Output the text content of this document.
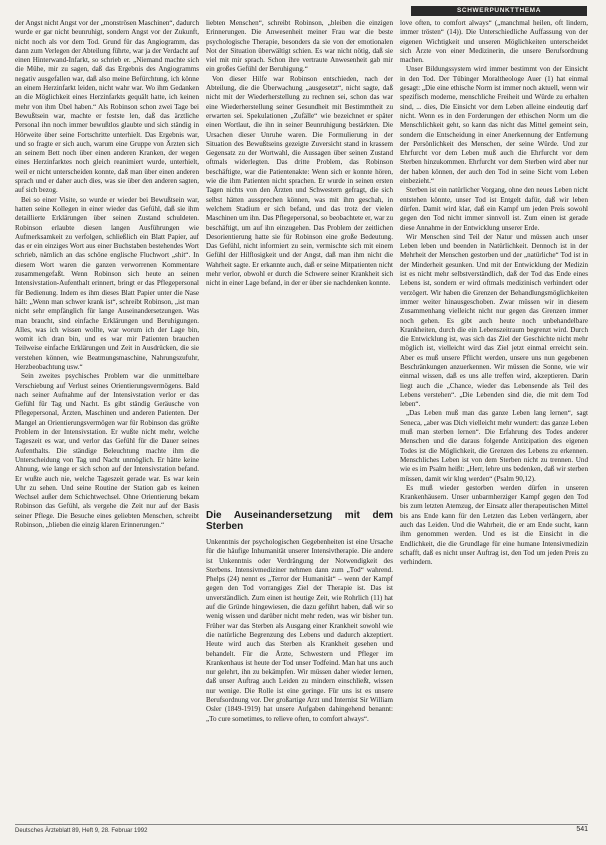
SCHWERPUNKTTHEMA

der Angst nicht Angst vor der „monströsen Maschinen“, dadurch wurde er gar nicht beunruhigt, sondern Angst vor der Zukunft, nicht noch als vor dem Tod. Grund für das Angiogramm, das dann zum Verlegen der Abteilung führte, war ja der Verdacht auf einen Hinterwand-Infarkt, so schrieb er. „Niemand machte sich die Mühe, mir zu sagen, daß das Ergebnis des Angiogramms negativ ausgefallen war, daß also meine Befürchtung, ich könne an einem Herzinfarkt leiden, nicht wahr war. Wo ihm Gedanken an die Möglichkeit eines Herzinfarkts gequält hatte, ich keinen mehr von ihm Übel haben.“ Als Robinson schon zwei Tage bei Bewußtsein war, machte er festste len, daß das ärztliche Personal ihn noch immer bewußtlos glaubte und sich ständig in Hörweite über seine Fortschritte unterhielt. Das Ergebnis war, und so fragte er sich auch, warum eine Gruppe von Ärzten sich an seinem Bett noch über einen anderen Kranken, der wegen eines Herzinfarktes noch gleich reanimiert wurde, unterhielt, weil er nicht unterscheiden konnte, daß man über einen anderen sprach und er daher auch dies, was sie über den anderen sagten, auf sich bezog.

Bei so einer Visite, so wurde er wieder bei Bewußtsein war, hatten seine Kollegen in einer wieder das Gefühl, daß sie ihm detaillierte Erklärungen über seinen Zustand schuldeten. Robinson erlaubte diesen langen Ausführungen wie Aufmerksamkeit zu verfolgen, schließlich ein Blatt Papier, auf das er ein einziges Wort aus einer Buchstaben bestehendes Wort schrieb, nämlich an das schöne englische Fluchwort „shit“. In diesem Wort waren die ganzen verworrenen Kommentare zusammengefaßt. Wenn Robinson sich heute an seinen Intensivstation-Aufenthalt erinnert, bringt er das Pflegepersonal für Bedienung. Indem es ihm dieses Blatt Papier unter die Nase hält: „Wenn man schwer krank ist“, schreibt Robinson, „ist man nicht sehr empfänglich für lange Auseinandersetzungen. Was man braucht, sind einfache Erklärungen und Beruhigungen. Alles, was ich wissen wollte, war worum ich der Lage bin, womit ich dran bin, und es war mir Patienten brauchen Teilweise einfache Erklärungen und Zeit in Ausdrücken, die sie verstehen können, wie Beatmungsmaschine, Nahrungszufuhr, Herzbeobachtung usw.“

Sein zweites psychisches Problem war die unmittelbare Verschiebung auf Verlust seines Orientierungsvermögens. Bald nach seiner Aufnahme auf der Intensivstation verlor er das Gefühl für Tag und Nacht. Es gibt ständig Geräusche von Pflegepersonal, Ärzten, Maschinen und anderen Patienten. Der Mangel an Orientierungsvermögen war für Robinson das größte Problem in der Intensivstation. Er wußte nicht mehr, welche Tageszeit es war, und verlor das Gefühl für die Dauer seines Aufenthalts. Die ständige Beleuchtung machte ihm die Unterscheidung von Tag und Nacht unmöglich. Er hätte keine Ahnung, wie lange er sich schon auf der Intensivstation befand. Er wußte auch nie, welche Tageszeit gerade war. Es war kein Uhr zu sehen. Und seine Routine der Station gab es keinen Wechsel außer dem Schichtwechsel. Ohne Orientierung bekam Robinson das Gefühl, als vergehe die Zeit nur auf der Basis seiner Pflege. Die Besuche eines geliebten Menschen, schreibt Robinson, „blieben die einzig klaren Erinnerungen.“

liebten Menschen“, schreibt Robinson, „bleiben die einzigen Erinnerungen. Die Anwesenheit meiner Frau war die beste psychologische Therapie, besonders da sie von der emotionalen Not der Situation überwältigt schien. Es war nicht nötig, daß sie viel mit mir sprach. Schon ihre vertraute Anwesenheit gab mir ein großes Gefühl der Beruhigung.“

Von dieser Hilfe war Robinson entschieden, nach der Abteilung, die die Überwachung „ausgesetzt“, nicht sagte, daß nicht mit der Wiederherstellung zu rechnen sei, schon das war eine Wiederherstellung seiner Gesundheit mit Bestimmtheit zu erwarten sei. Spekulationen „Zufälle“ wie bezeichnet er später einen Wortlaut, die ihn in seiner Beunruhigung bestärkten. Die Ursachen dieser Unruhe waren. Die Formulierung in der Situation des Bewußtseins gezeigte Zuversicht stand in krassem Gegensatz zu der Wortwahl, die Aussagen über seinen Zustand oftmals widerlegten. Das dritte Problem, das Robinson beschäftigte, war die Patientenakte: Wenn sich er konnte hören, wie die ihm Patienten nicht sprachen. Er wurde in seinen ersten Tagen nichts von den Ärzten und Schwestern gefragt, die sich selbst hätten aussprechen können, was mit ihm geschah, in welchem Stadium er sich befand, und das trotz der vielen Maschinen um ihn. Das Pflegepersonal, so beobachtete er, war zu beschäftigt, um auf ihn einzugehen. Das Problem der zeitlichen Desorientierung hatte sie für Robinson eine große Bedeutung. Das Gefühl, nicht informiert zu sein, vermischte sich mit einem Gefühl der Hilflosigkeit und der Angst, daß man ihm nicht die Wahrheit sagte. Er erkannte auch, daß er seine Mitpatienten nicht mehr verlor, obwohl er durch die Schwere seiner Krankheit sich nicht in einer Lage befand, in der er über sie nachdenken konnte.

Die Auseinandersetzung mit dem Sterben

Unkenntnis der psychologischen Gegebenheiten ist eine Ursache für die häufige Inhumanität unserer Intensivtherapie. Die andere ist Unkenntnis oder Verdrängung der Notwendigkeit des Sterbens. Intensivmediziner nehmen dann zum „Tod“ wahrend. Phelps (24) nennt es „Terror der Humanität“ – wenn der Kampf gegen den Tod vorrangiges Ziel der Therapie ist. Das ist unverständlich. Zum einen ist heutige Zeit, wie Rohrlich (11) hat auf die Gründe hingewiesen, die dazu geführt haben, daß wir so wenig wissen und darüber nicht mehr reden, was wir bisher tun. Früher war das Sterben als Ausgang einer Krankheit sowohl wie die natürliche Begrenzung des Lebens und dadurch akzeptiert. Heute wird auch das Sterben als Krankheit gesehen und behandelt. Für die Ärzte, Schwestern und Pfleger im Krankenhaus ist heute der Tod unser Todfeind. Man hat uns auch nur gelehrt, ihn zu bekämpfen. Wir müssen daher wieder lernen, daß unser Auftrag auch Leiden zu mindern einschließt, wissen nur wenige. Die Rolle ist eine geringe. Für uns ist es unsere Berufsordnung vor. Der großartige Arzt und Internist Sir William Osler (1849-1919) hat unsere Aufgaben dahingehend benannt: „To cure sometimes, to relieve often, to comfort always“.

love often, to comfort always“ („manchmal heilen, oft lindern, immer trösten“ (14)). Die Unterschiedliche Auffassung von der eigenen Wichtigkeit und unseren Möglichkeiten unterscheidet sich Ärzte von einer Medizinerin, die unsere Berufsordnung machen.

Unser Bildungssystem wird immer bestimmt von der Einsicht in den Tod. Der Tübinger Moraltheologe Auer (1) hat einmal gesagt: „Die eine ethische Norm ist immer noch aktuell, wenn wir spezifisch moderne, menschliche Freiheit und Würde zu erhalten sind, ... dies, Die Einsicht vor dem Leben alleine eindeutig darf nicht. Wenn es in den Forderungen der ethischen Norm um die Menschlichkeit geht, so kann das nicht das Mittel gemeint sein, sondern die Entscheidung in einer Anerkennung der Entfernung der Persönlichkeit des Menschen, der seine Würde. Und zur Ehrfurcht vor dem Leben muß auch die Ehrfurcht vor dem Sterben hinzukommen. Ehrfurcht vor dem Sterben wird aber nur der haben können, der auch den Tod in seine Sicht vom Leben einbezieht.“

Sterben ist ein natürlicher Vorgang, ohne den neues Leben nicht entstehen könnte, unser Tod ist Entgelt dafür, daß wir leben dürfen. Damit wird klar, daß ein Kampf um jeden Preis sowohl gegen den Tod nicht immer sinnvoll ist. Zum einen ist gerade diese Annahme in der Entwicklung unserer Erde.

Wir Menschen sind Teil der Natur und müssen auch unser Leben leben und beenden in Natürlichkeit. Dennoch ist in der Mehrheit der Menschen gestorben und der „natürliche“ Tod ist in der Minderheit gesunken. Und mit der Entwicklung der Medizin ist es nicht mehr selbstverständlich, daß der Tod das Ende eines Lebens ist, sondern er wird oftmals medizinisch verhindert oder verzögert. Wir haben die Grenzen der Behandlungsmöglichkeiten immer weiter hinausgeschoben. Zwar müssen wir in diesem Zusammenhang vielleicht nicht nur gegen das Grenzen immer noch gehen. Es gibt auch heute noch unbehandelbare Krankheiten, durch die ein Lebenszeitraum begrenzt wird. Durch die Entwicklung ist, was sich das Ziel der Geschichte nicht mehr möglich ist, vielleicht wird das Ziel jetzt einmal erreicht sein. Aber es muß unsere Pflicht werden, unsere uns nun gegebenen Beschränkungen anzuerkennen. Wir müssen die Sonne, wie wir einmal wissen, daß es uns alle treffen wird, akzeptieren. Darin liegt auch die „Chance, wieder das Lebensende als Teil des Lebens verstehen“. „Die Lebenden sind die, die mit dem Tod leben“.

„Das Leben muß man das ganze Leben lang lernen“, sagt Seneca, „aber was Dich vielleicht mehr wundert: das ganze Leben muß man sterben lernen“. Die Erfahrung des Todes anderer Menschen und die daraus folgende Antizipation des eigenen Todes ist die Möglichkeit, die Grenzen des Lebens zu erkennen. Menschliches Leben ist von dem Sterben nicht zu trennen. Und wie es im Psalm heißt: „Herr, lehre uns bedenken, daß wir sterben müssen, damit wir klug werden“ (Psalm 90,12).

Es muß wieder gestorben werden dürfen in unseren Krankenhäusern. Unser unbarmherziger Kampf gegen den Tod bis zum letzten Atemzug, der Einsatz aller therapeutischen Mittel bis ans Ende kann für den Letzten das Leben verlängern, aber auch das Leiden. Und die Wahrheit, die er am Ende sucht, kann ihm genommen werden. Und es ist die Einsicht in die Endlichkeit, die die Grundlage für eine humane Intensivmedizin schafft, daß es nicht unser Auftrag ist, den Tod um jeden Preis zu verhindern.

Deutsches Ärzteblatt 89, Heft 9, 28. Februar 1992	541
